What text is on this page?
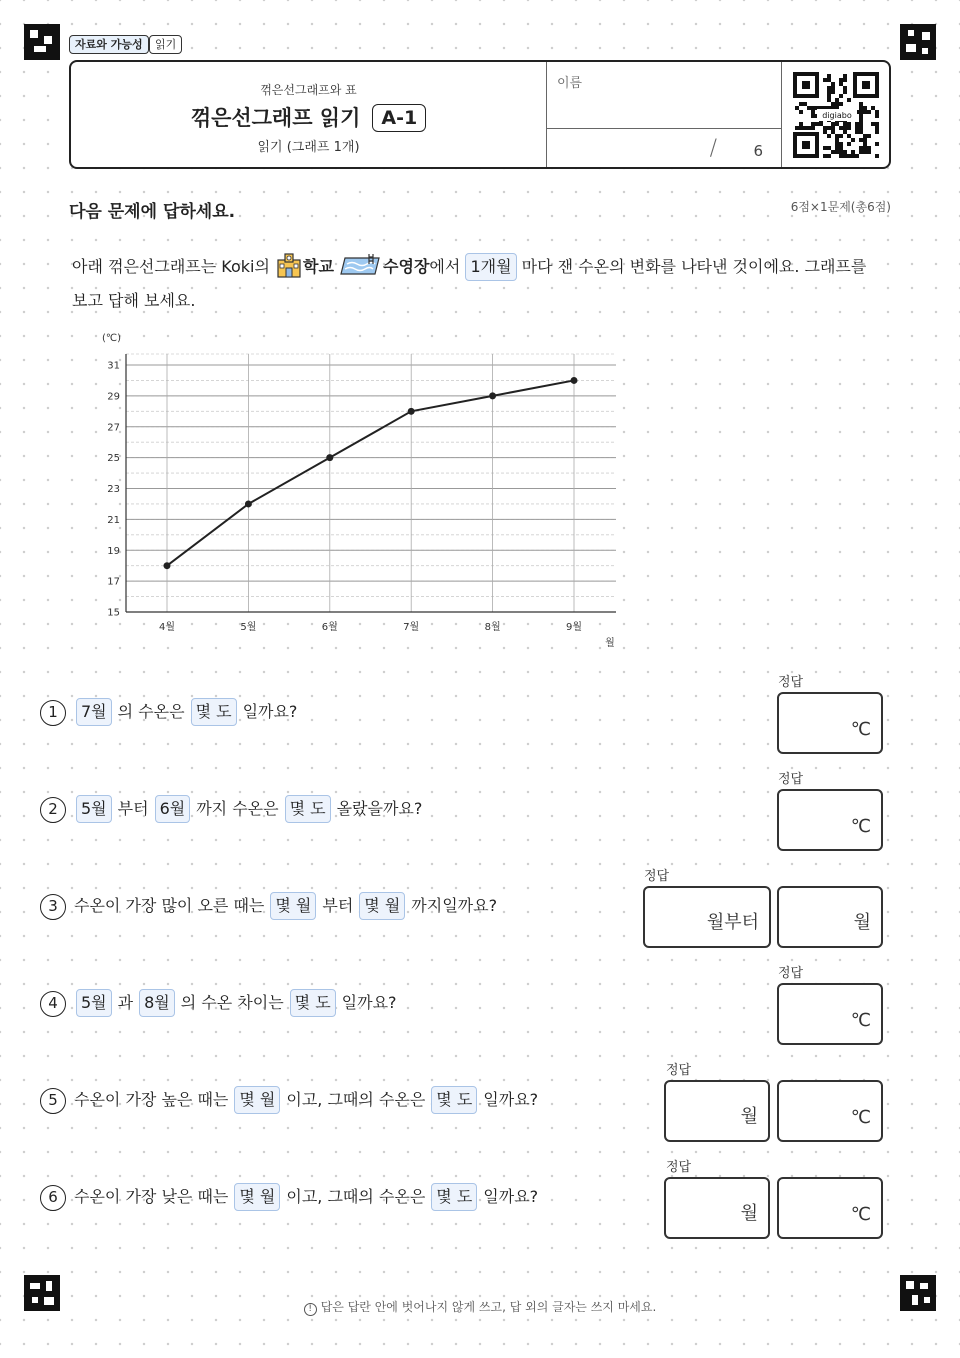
자료와 가능성	읽기
꺾은선그래프와 표
꺾은선그래프 읽기 A-1
읽기 (그래프 1개)
이름
/ 6
digiabo
다음 문제에 답하세요.	6점×1문제(총6점)
아래 꺾은선그래프는 Koki의 학교	수영장에서 1개월 마다 잰 수온의 변화를 나타낸 것이에요. 그래프를
보고 답해 보세요.
15
17
19
21
23
25
27
29
31
4월	5월	6월	7월	8월	9월
(℃)
월
1 7월 의 수온은 몇 도 일까요?
정답
℃
2 5월 부터 6월 까지 수온은 몇 도 올랐을까요?
정답
℃
3 수온이 가장 많이 오른 때는 몇 월 부터 몇 월 까지일까요?
정답
월부터	월
4 5월 과 8월 의 수온 차이는 몇 도 일까요?
정답
℃
5 수온이 가장 높은 때는 몇 월 이고, 그때의 수온은 몇 도 일까요?
정답
월	℃
6 수온이 가장 낮은 때는 몇 월 이고, 그때의 수온은 몇 도 일까요?
정답
월	℃
! 답은 답란 안에 벗어나지 않게 쓰고, 답 외의 글자는 쓰지 마세요.
